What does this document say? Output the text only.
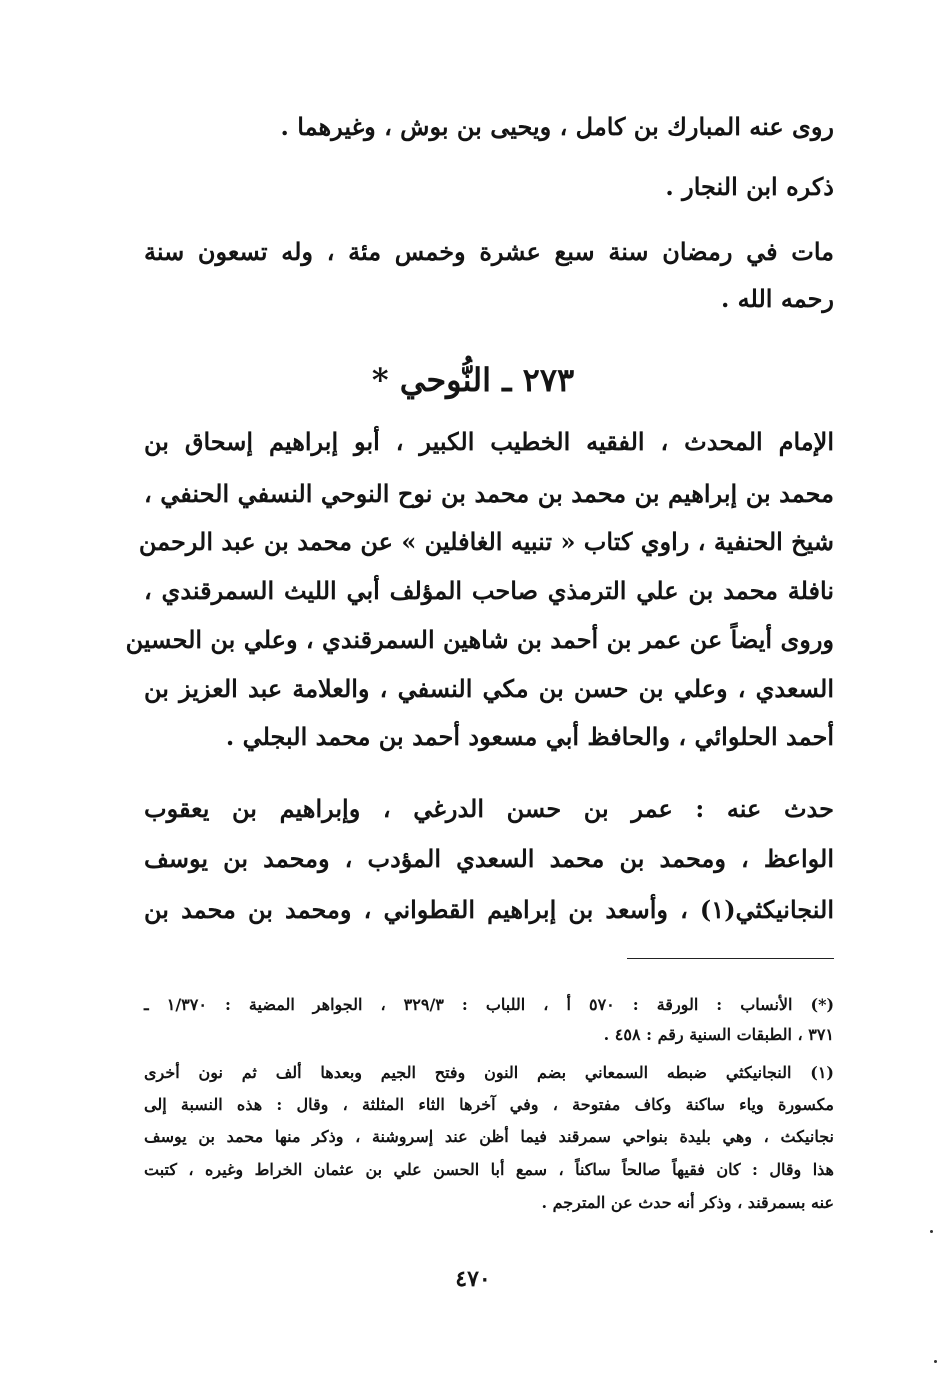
روى عنه المبارك بن كامل ، ويحيى بن بوش ، وغيرهما .
ذكره ابن النجار .
مات في رمضان سنة سبع عشرة وخمس مئة ، وله تسعون سنة
رحمه الله .
٢٧٣ ـ النُّوحي *
الإمام المحدث ، الفقيه الخطيب الكبير ، أبو إبراهيم إسحاق بن
محمد بن إبراهيم بن محمد بن محمد بن نوح النوحي النسفي الحنفي ،
شيخ الحنفية ، راوي كتاب « تنبيه الغافلين » عن محمد بن عبد الرحمن
نافلة محمد بن علي الترمذي صاحب المؤلف أبي الليث السمرقندي ،
وروى أيضاً عن عمر بن أحمد بن شاهين السمرقندي ، وعلي بن الحسين
السعدي ، وعلي بن حسن بن مكي النسفي ، والعلامة عبد العزيز بن
أحمد الحلوائي ، والحافظ أبي مسعود أحمد بن محمد البجلي .
حدث عنه : عمر بن حسن الدرغي ، وإبراهيم بن يعقوب
الواعظ ، ومحمد بن محمد السعدي المؤدب ، ومحمد بن يوسف
النجانيكثي(١) ، وأسعد بن إبراهيم القطواني ، ومحمد بن محمد بن
(*) الأنساب : الورقة : ٥٧٠ أ ، اللباب : ٣٢٩/٣ ، الجواهر المضية : ١/٣٧٠ ـ
٣٧١ ، الطبقات السنية رقم : ٤٥٨ .
(١) النجانيكثي ضبطه السمعاني بضم النون وفتح الجيم وبعدها ألف ثم نون أخرى
مكسورة وياء ساكنة وكاف مفتوحة ، وفي آخرها الثاء المثلثة ، وقال : هذه النسبة إلى
نجانيكث ، وهي بليدة بنواحي سمرقند فيما أظن عند إسروشنة ، وذكر منها محمد بن يوسف
هذا وقال : كان فقيهاً صالحاً ساكناً ، سمع أبا الحسن علي بن عثمان الخراط وغيره ، كتبت
عنه بسمرقند ، وذكر أنه حدث عن المترجم .
٤٧٠
